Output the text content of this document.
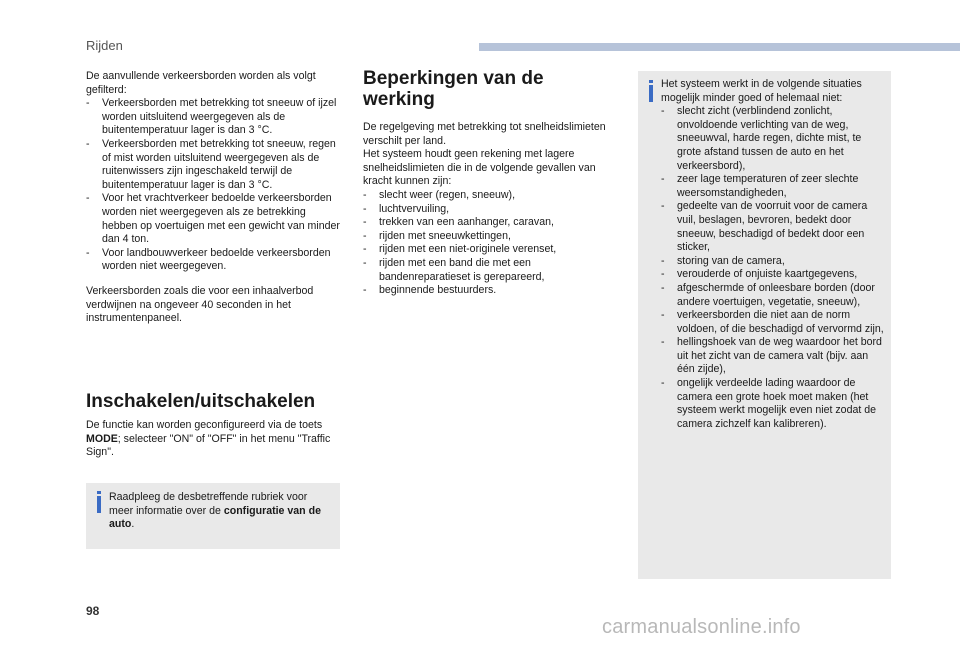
Rijden

De aanvullende verkeersborden worden als volgt gefilterd:

- Verkeersborden met betrekking tot sneeuw of ijzel worden uitsluitend weergegeven als de buitentemperatuur lager is dan 3 °C.
- Verkeersborden met betrekking tot sneeuw, regen of mist worden uitsluitend weergegeven als de ruitenwissers zijn ingeschakeld terwijl de buitentemperatuur lager is dan 3 °C.
- Voor het vrachtverkeer bedoelde verkeersborden worden niet weergegeven als ze betrekking hebben op voertuigen met een gewicht van minder dan 4 ton.
- Voor landbouwverkeer bedoelde verkeersborden worden niet weergegeven.

Verkeersborden zoals die voor een inhaalverbod verdwijnen na ongeveer 40 seconden in het instrumentenpaneel.

Inschakelen/uitschakelen

De functie kan worden geconfigureerd via de toets MODE; selecteer "ON" of "OFF" in het menu "Traffic Sign".

Raadpleeg de desbetreffende rubriek voor meer informatie over de configuratie van de auto.

Beperkingen van de werking

De regelgeving met betrekking tot snelheidslimieten verschilt per land.

Het systeem houdt geen rekening met lagere snelheidslimieten die in de volgende gevallen van kracht kunnen zijn:

- slecht weer (regen, sneeuw),
- luchtvervuiling,
- trekken van een aanhanger, caravan,
- rijden met sneeuwkettingen,
- rijden met een niet-originele verenset,
- rijden met een band die met een bandenreparatieset is gerepareerd,
- beginnende bestuurders.

Het systeem werkt in de volgende situaties mogelijk minder goed of helemaal niet:

- slecht zicht (verblindend zonlicht, onvoldoende verlichting van de weg, sneeuwval, harde regen, dichte mist, te grote afstand tussen de auto en het verkeersbord),
- zeer lage temperaturen of zeer slechte weersomstandigheden,
- gedeelte van de voorruit voor de camera vuil, beslagen, bevroren, bedekt door sneeuw, beschadigd of bedekt door een sticker,
- storing van de camera,
- verouderde of onjuiste kaartgegevens,
- afgeschermde of onleesbare borden (door andere voertuigen, vegetatie, sneeuw),
- verkeersborden die niet aan de norm voldoen, of die beschadigd of vervormd zijn,
- hellingshoek van de weg waardoor het bord uit het zicht van de camera valt (bijv. aan één zijde),
- ongelijk verdeelde lading waardoor de camera een grote hoek moet maken (het systeem werkt mogelijk even niet zodat de camera zichzelf kan kalibreren).
98
carmanualsonline.info
